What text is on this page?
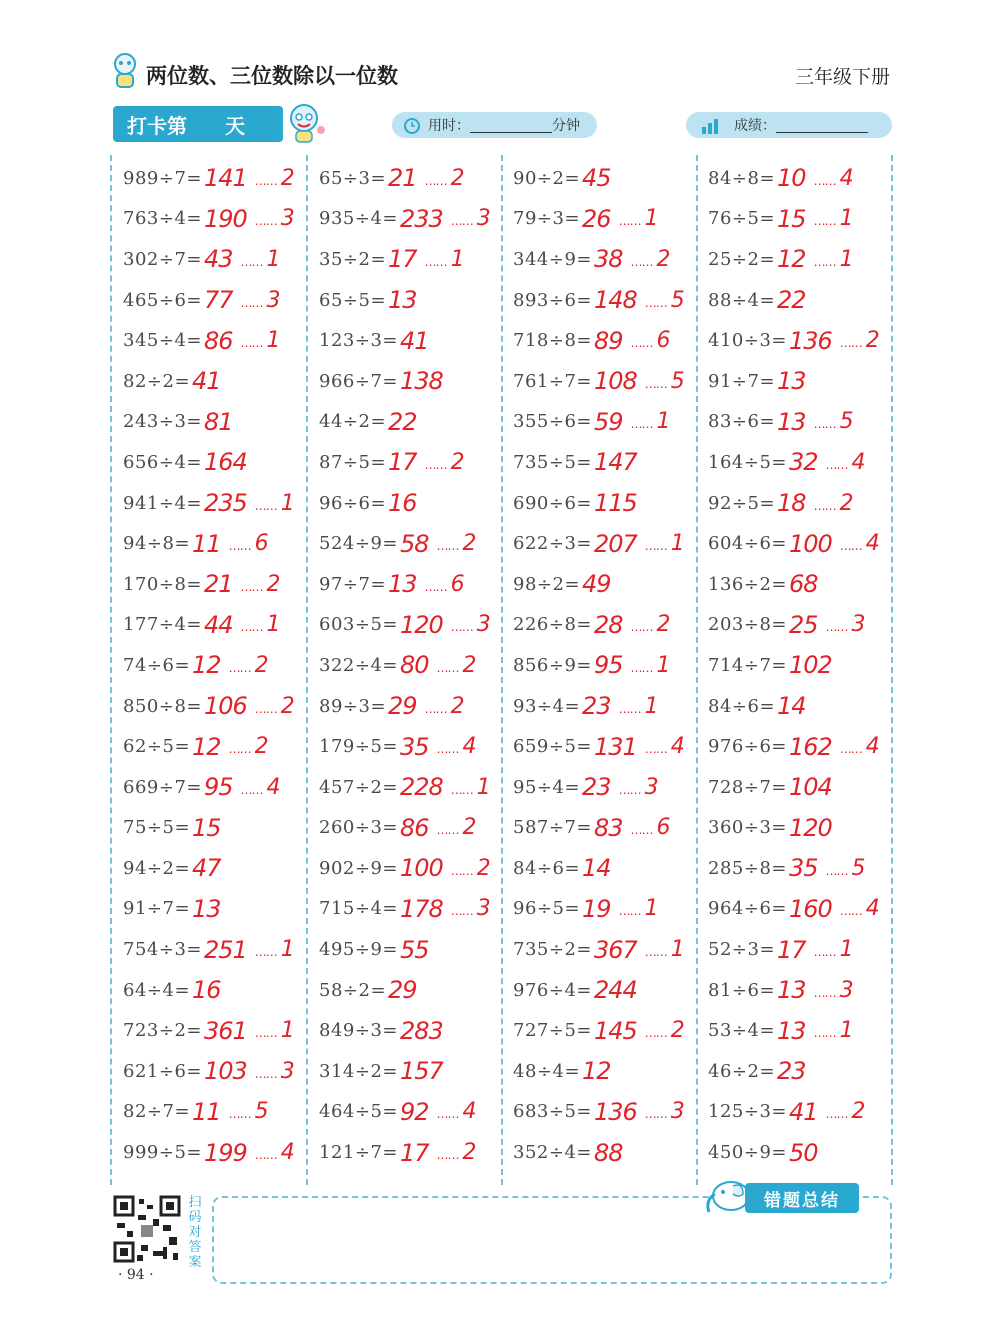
两位数、三位数除以一位数	三年级下册
打卡第 天	用时：	分钟	成绩：
989÷7= 141	…… 2
763÷4= 190	…… 3
302÷7= 43	…… 1
465÷6= 77	…… 3
345÷4= 86	…… 1
82÷2= 41
243÷3= 81
656÷4= 164
941÷4= 235	…… 1
94÷8= 11	…… 6
170÷8= 21	…… 2
177÷4= 44	…… 1
74÷6= 12	…… 2
850÷8= 106	…… 2
62÷5= 12	…… 2
669÷7= 95	…… 4
75÷5= 15
94÷2= 47
91÷7= 13
754÷3= 251	…… 1
64÷4= 16
723÷2= 361	…… 1
621÷6= 103	…… 3
82÷7= 11	…… 5
999÷5= 199	…… 4
65÷3= 21	…… 2
935÷4= 233	…… 3
35÷2= 17	…… 1
65÷5= 13
123÷3= 41
966÷7= 138
44÷2= 22
87÷5= 17	…… 2
96÷6= 16
524÷9= 58	…… 2
97÷7= 13	…… 6
603÷5= 120	…… 3
322÷4= 80	…… 2
89÷3= 29	…… 2
179÷5= 35	…… 4
457÷2= 228	…… 1
260÷3= 86	…… 2
902÷9= 100	…… 2
715÷4= 178	…… 3
495÷9= 55
58÷2= 29
849÷3= 283
314÷2= 157
464÷5= 92	…… 4
121÷7= 17	…… 2
90÷2= 45
79÷3= 26	…… 1
344÷9= 38	…… 2
893÷6= 148	…… 5
718÷8= 89	…… 6
761÷7= 108	…… 5
355÷6= 59	…… 1
735÷5= 147
690÷6= 115
622÷3= 207	…… 1
98÷2= 49
226÷8= 28	…… 2
856÷9= 95	…… 1
93÷4= 23	…… 1
659÷5= 131	…… 4
95÷4= 23	…… 3
587÷7= 83	…… 6
84÷6= 14
96÷5= 19	…… 1
735÷2= 367	…… 1
976÷4= 244
727÷5= 145	…… 2
48÷4= 12
683÷5= 136	…… 3
352÷4= 88
84÷8= 10	…… 4
76÷5= 15	…… 1
25÷2= 12	…… 1
88÷4= 22
410÷3= 136	…… 2
91÷7= 13
83÷6= 13	…… 5
164÷5= 32	…… 4
92÷5= 18	…… 2
604÷6= 100	…… 4
136÷2= 68
203÷8= 25	…… 3
714÷7= 102
84÷6= 14
976÷6= 162	…… 4
728÷7= 104
360÷3= 120
285÷8= 35	…… 5
964÷6= 160	…… 4
52÷3= 17	…… 1
81÷6= 13	…… 3
53÷4= 13	…… 1
46÷2= 23
125÷3= 41	…… 2
450÷9= 50
扫码对答案
· 94 ·
错题总结
